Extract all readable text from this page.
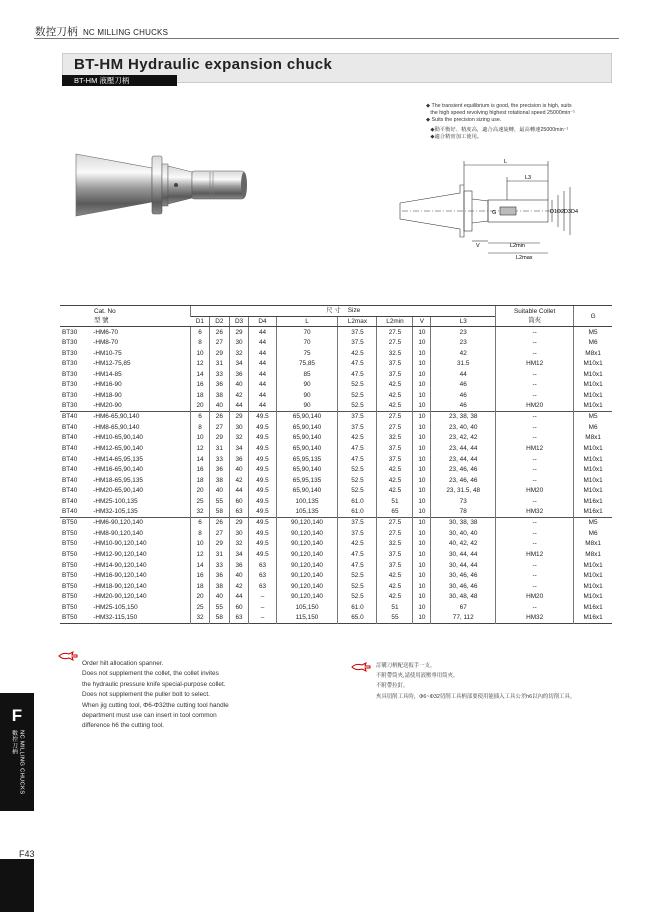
数控刀柄 NC MILLING CHUCKS
BT-HM Hydraulic expansion chuck
BT-HM 液壓刀柄
◆ The transient equilibrium is good, the precision is high, suits
the high speed revolving highest rotational speed 25000min⁻¹
◆ Suits the precision sizing use.
◆動平衡好、精度高，適合高速旋轉，最高轉速25000min⁻¹
◆適合精密加工使用。
L
L3
G
V	L2min
L2max
D1 D2 D3 D4
Cat. No
型 號		尺 寸 Size									Suitable Collet
筒夾	G
		D1	D2	D3	D4	L	L2max	L2min	V	L3		
BT30	-HM6-70	6	26	29	44	70	37.5	27.5	10	23	--	M5
BT30	-HM8-70	8	27	30	44	70	37.5	27.5	10	23	--	M6
BT30	-HM10-75	10	29	32	44	75	42.5	32.5	10	42	--	M8x1
BT30	-HM12-75,85	12	31	34	44	75,85	47.5	37.5	10	31.5	HM12	M10x1
BT30	-HM14-85	14	33	36	44	85	47.5	37.5	10	44	--	M10x1
BT30	-HM16-90	16	36	40	44	90	52.5	42.5	10	46	--	M10x1
BT30	-HM18-90	18	38	42	44	90	52.5	42.5	10	46	--	M10x1
BT30	-HM20-90	20	40	44	44	90	52.5	42.5	10	46	HM20	M10x1
BT40	-HM6-65,90,140	6	26	29	49.5	65,90,140	37.5	27.5	10	23, 38, 38	--	M5
BT40	-HM8-65,90,140	8	27	30	49.5	65,90,140	37.5	27.5	10	23, 40, 40	--	M6
BT40	-HM10-65,90,140	10	29	32	49.5	65,90,140	42.5	32.5	10	23, 42, 42	--	M8x1
BT40	-HM12-65,90,140	12	31	34	49.5	65,90,140	47.5	37.5	10	23, 44, 44	HM12	M10x1
BT40	-HM14-65,95,135	14	33	36	49.5	65,95,135	47.5	37.5	10	23, 44, 44	--	M10x1
BT40	-HM16-65,90,140	16	36	40	49.5	65,90,140	52.5	42.5	10	23, 46, 46	--	M10x1
BT40	-HM18-65,95,135	18	38	42	49.5	65,95,135	52.5	42.5	10	23, 46, 46	--	M10x1
BT40	-HM20-65,90,140	20	40	44	49.5	65,90,140	52.5	42.5	10	23, 31.5, 48	HM20	M10x1
BT40	-HM25-100,135	25	55	60	49.5	100,135	61.0	51	10	73	--	M16x1
BT40	-HM32-105,135	32	58	63	49.5	105,135	61.0	65	10	78	HM32	M16x1
BT50	-HM6-90,120,140	6	26	29	49.5	90,120,140	37.5	27.5	10	30, 38, 38	--	M5
BT50	-HM8-90,120,140	8	27	30	49.5	90,120,140	37.5	27.5	10	30, 40, 40	--	M6
BT50	-HM10-90,120,140	10	29	32	49.5	90,120,140	42.5	32.5	10	40, 42, 42	--	M8x1
BT50	-HM12-90,120,140	12	31	34	49.5	90,120,140	47.5	37.5	10	30, 44, 44	HM12	M8x1
BT50	-HM14-90,120,140	14	33	36	63	90,120,140	47.5	37.5	10	30, 44, 44	--	M10x1
BT50	-HM16-90,120,140	16	36	40	63	90,120,140	52.5	42.5	10	30, 46, 46	--	M10x1
BT50	-HM18-90,120,140	18	38	42	63	90,120,140	52.5	42.5	10	30, 46, 46	--	M10x1
BT50	-HM20-90,120,140	20	40	44	–	90,120,140	52.5	42.5	10	30, 48, 48	HM20	M10x1
BT50	-HM25-105,150	25	55	60	–	105,150	61.0	51	10	67	--	M16x1
BT50	-HM32-115,150	32	58	63	–	115,150	65.0	55	10	77, 112	HM32	M16x1
Order hilt allocation spanner.
Does not supplement the collet, the collet invites
the hydraulic pressure knife special-purpose collet.
Does not supplement the puller bolt to select.
When jig cutting tool, Φ6-Φ32the cutting tool handle
department must use can insert in tool common
difference h6 the cutting tool.
訂購刀柄配送扳手一支。
不附帶筒夾,請使用液壓專用筒夾。
不附帶拉釘。
夾具切削工具時，Φ6~Φ32切削工具柄部要使用能插入工具公差h6以內的切削工具。
F
NC MILLING CHUCKS 數控刀柄
F43
